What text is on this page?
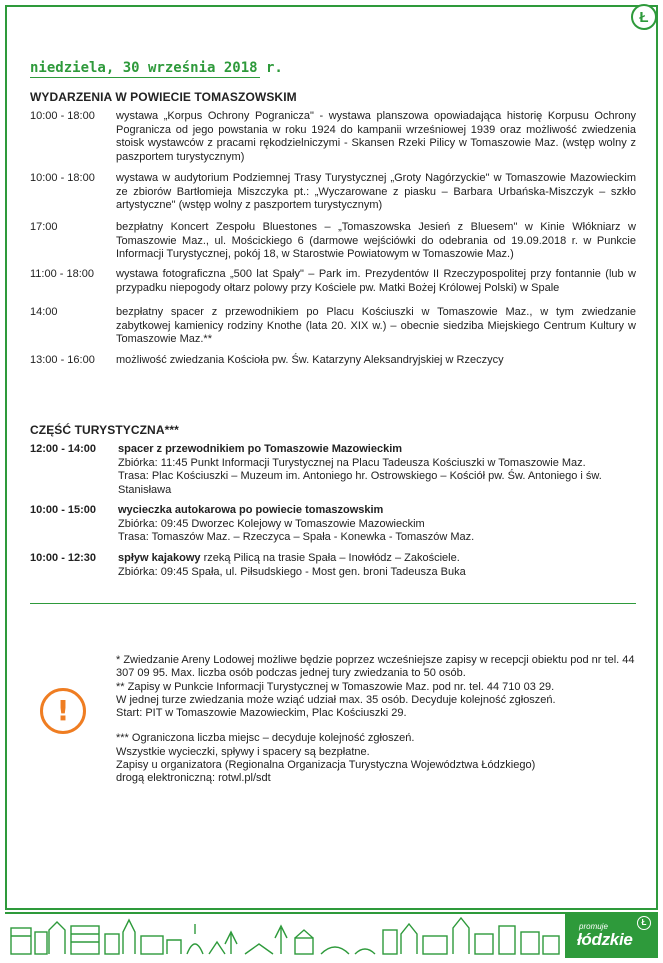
Ł
niedziela, 30 września 2018 r.
WYDARZENIA W POWIECIE TOMASZOWSKIM
10:00 - 18:00	wystawa „Korpus Ochrony Pogranicza" - wystawa planszowa opowiadająca historię Korpusu Ochrony Pogranicza od jego powstania w roku 1924 do kampanii wrześniowej 1939 oraz możliwość zwiedzenia stoisk wystawców z pracami rękodzielniczymi - Skansen Rzeki Pilicy w Tomaszowie Maz. (wstęp wolny z paszportem turystycznym)
10:00 - 18:00	wystawa w audytorium Podziemnej Trasy Turystycznej „Groty Nagórzyckie" w Tomaszowie Mazowieckim ze zbiorów Bartłomieja Miszczyka pt.: „Wyczarowane z piasku – Barbara Urbańska-Miszczyk – szkło artystyczne" (wstęp wolny z paszportem turystycznym)
17:00	bezpłatny Koncert Zespołu Bluestones – „Tomaszowska Jesień z Bluesem" w Kinie Włókniarz w Tomaszowie Maz., ul. Mościckiego 6 (darmowe wejściówki do odebrania od 19.09.2018 r. w Punkcie Informacji Turystycznej, pokój 18, w Starostwie Powiatowym w Tomaszowie Maz.)
11:00 - 18:00	wystawa fotograficzna „500 lat Spały" – Park im. Prezydentów II Rzeczypospolitej przy fontannie (lub w przypadku niepogody ołtarz polowy przy Kościele pw. Matki Bożej Królowej Polski) w Spale
14:00	bezpłatny spacer z przewodnikiem po Placu Kościuszki w Tomaszowie Maz., w tym zwiedzanie zabytkowej kamienicy rodziny Knothe (lata 20. XIX w.) – obecnie siedziba Miejskiego Centrum Kultury w Tomaszowie Maz.**
13:00 - 16:00	możliwość zwiedzania Kościoła pw. Św. Katarzyny Aleksandryjskiej w Rzeczycy
CZĘŚĆ TURYSTYCZNA***
12:00 - 14:00	spacer z przewodnikiem po Tomaszowie Mazowieckim
Zbiórka: 11:45 Punkt Informacji Turystycznej na Placu Tadeusza Kościuszki w Tomaszowie Maz.
Trasa: Plac Kościuszki – Muzeum im. Antoniego hr. Ostrowskiego – Kościół pw. Św. Antoniego i św. Stanisława
10:00 - 15:00	wycieczka autokarowa po powiecie tomaszowskim
Zbiórka: 09:45 Dworzec Kolejowy w Tomaszowie Mazowieckim
Trasa: Tomaszów Maz. – Rzeczyca – Spała - Konewka - Tomaszów Maz.
10:00 - 12:30	spływ kajakowy rzeką Pilicą na trasie Spała – Inowłódz – Zakościele.
Zbiórka: 09:45 Spała, ul. Piłsudskiego - Most gen. broni Tadeusza Buka
!

* Zwiedzanie Areny Lodowej możliwe będzie poprzez wcześniejsze zapisy w recepcji obiektu pod nr tel. 44 307 09 95. Max. liczba osób podczas jednej tury zwiedzania to 50 osób.

** Zapisy w Punkcie Informacji Turystycznej w Tomaszowie Maz. pod nr. tel. 44 710 03 29.

W jednej turze zwiedzania może wziąć udział max. 35 osób. Decyduje kolejność zgłoszeń.

Start: PIT w Tomaszowie Mazowieckim, Plac Kościuszki 29.

*** Ograniczona liczba miejsc – decyduje kolejność zgłoszeń.

Wszystkie wycieczki, spływy i spacery są bezpłatne.

Zapisy u organizatora (Regionalna Organizacja Turystyczna Województwa Łódzkiego)

drogą elektroniczną: rotwl.pl/sdt

Ł
promuje
łódzkie
